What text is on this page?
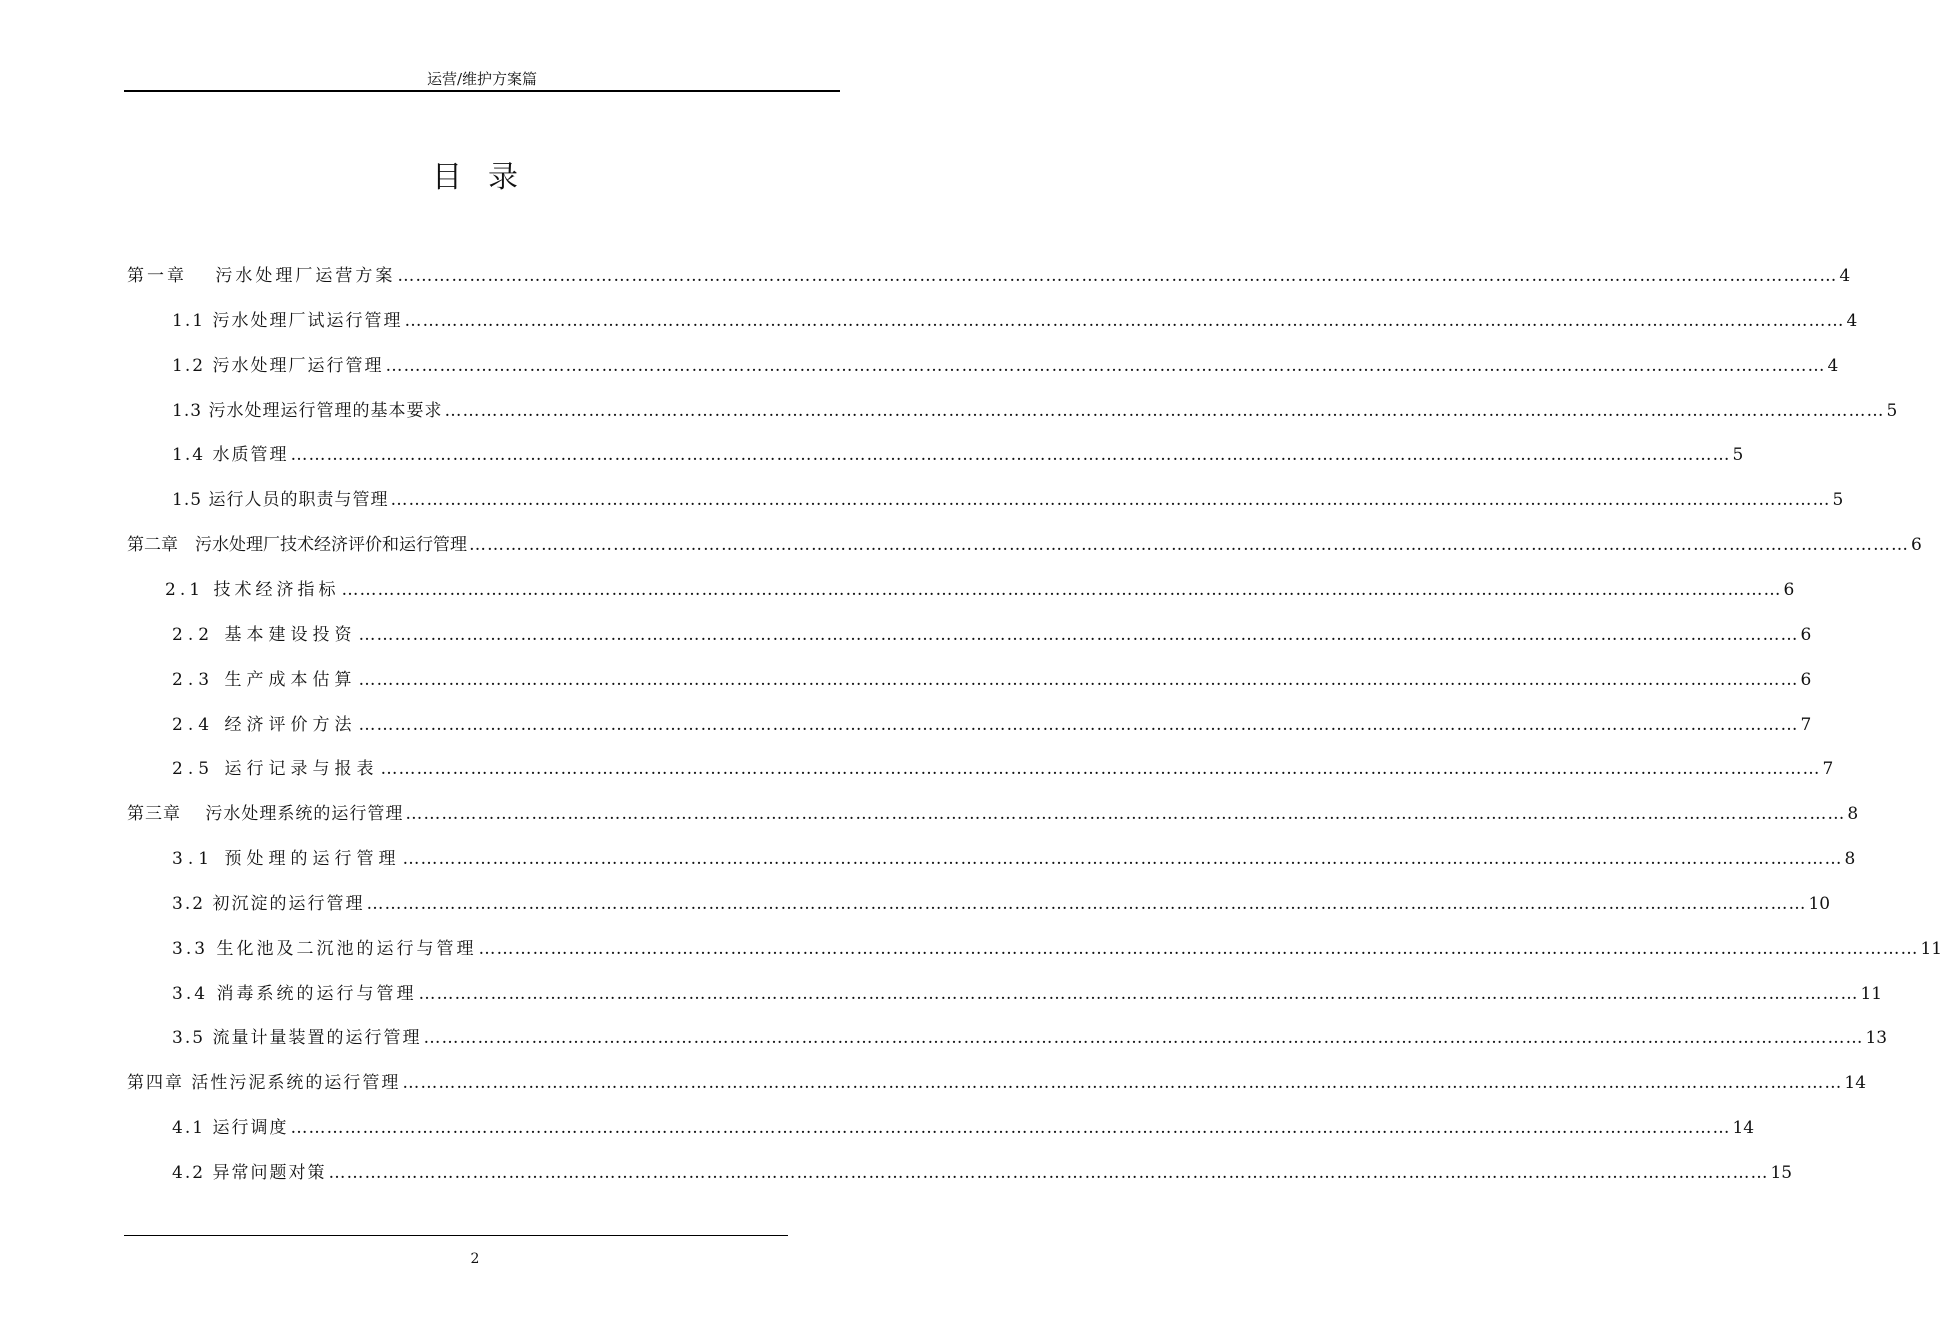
运营/维护方案篇
目录
第一章　 污水处理厂运营方案 …………………………………………………………………………………………………………………………………………………………………………………………………………………… 4
1.1 污水处理厂试运行管理 …………………………………………………………………………………………………………………………………………………………………………………………………………………… 4
1.2 污水处理厂运行管理 …………………………………………………………………………………………………………………………………………………………………………………………………………………… 4
1.3 污水处理运行管理的基本要求 …………………………………………………………………………………………………………………………………………………………………………………………………………………… 5
1.4 水质管理 …………………………………………………………………………………………………………………………………………………………………………………………………………………… 5
1.5 运行人员的职责与管理 …………………………………………………………………………………………………………………………………………………………………………………………………………………… 5
第二章　污水处理厂技术经济评价和运行管理 …………………………………………………………………………………………………………………………………………………………………………………………………………………… 6
2.1 技术经济指标 …………………………………………………………………………………………………………………………………………………………………………………………………………………… 6
2.2 基本建设投资 …………………………………………………………………………………………………………………………………………………………………………………………………………………… 6
2.3 生产成本估算 …………………………………………………………………………………………………………………………………………………………………………………………………………………… 6
2.4 经济评价方法 …………………………………………………………………………………………………………………………………………………………………………………………………………………… 7
2.5 运行记录与报表 …………………………………………………………………………………………………………………………………………………………………………………………………………………… 7
第三章　 污水处理系统的运行管理 …………………………………………………………………………………………………………………………………………………………………………………………………………………… 8
3.1 预处理的运行管理 …………………………………………………………………………………………………………………………………………………………………………………………………………………… 8
3.2 初沉淀的运行管理 …………………………………………………………………………………………………………………………………………………………………………………………………………………… 10
3.3 生化池及二沉池的运行与管理 …………………………………………………………………………………………………………………………………………………………………………………………………………………… 11
3.4 消毒系统的运行与管理 …………………………………………………………………………………………………………………………………………………………………………………………………………………… 11
3.5 流量计量装置的运行管理 …………………………………………………………………………………………………………………………………………………………………………………………………………………… 13
第四章 活性污泥系统的运行管理 …………………………………………………………………………………………………………………………………………………………………………………………………………………… 14
4.1 运行调度 …………………………………………………………………………………………………………………………………………………………………………………………………………………… 14
4.2 异常问题对策 …………………………………………………………………………………………………………………………………………………………………………………………………………………… 15
2
